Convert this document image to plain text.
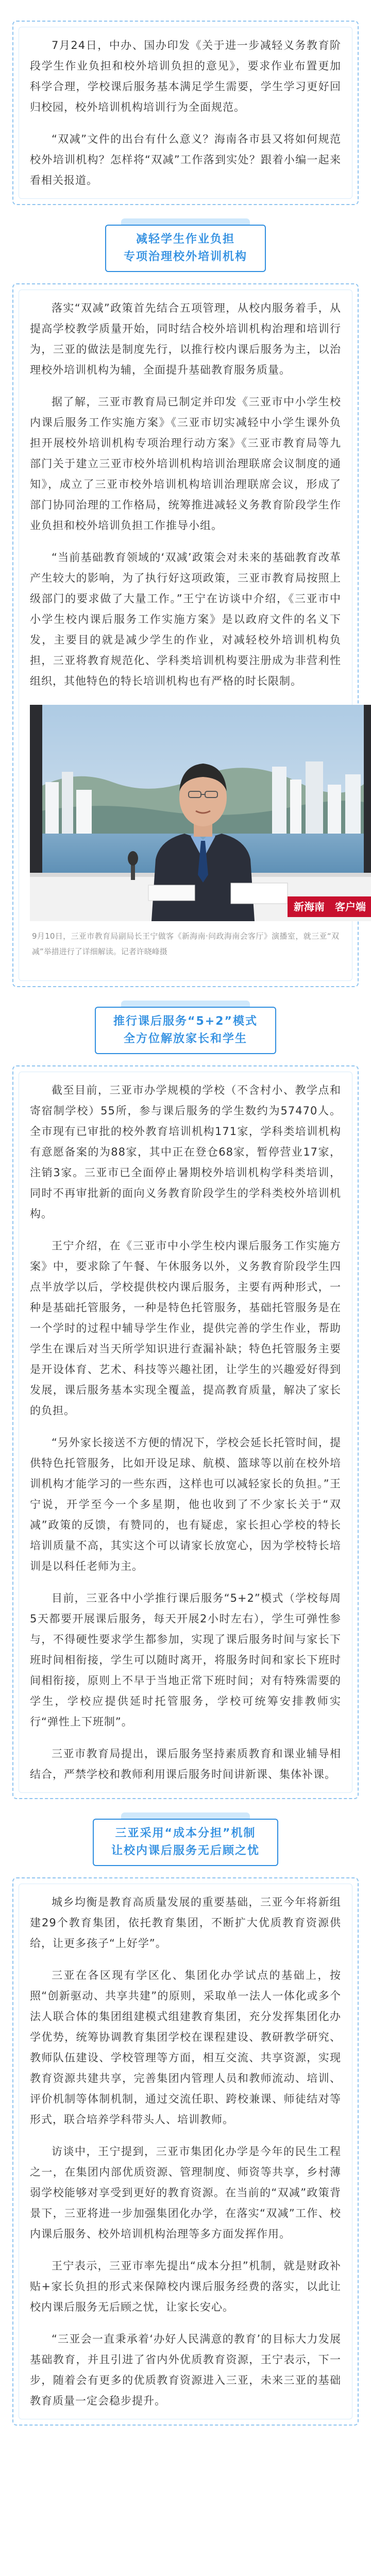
7月24日，中办、国办印发《关于进一步减轻义务教育阶段学生作业负担和校外培训负担的意见》，要求作业布置更加科学合理，学校课后服务基本满足学生需要，学生学习更好回归校园，校外培训机构培训行为全面规范。

“双减”文件的出台有什么意义？海南各市县又将如何规范校外培训机构？怎样将“双减”工作落到实处？跟着小编一起来看相关报道。

减轻学生作业负担
专项治理校外培训机构

落实“双减”政策首先结合五项管理，从校内服务着手，从提高学校教学质量开始，同时结合校外培训机构治理和培训行为，三亚的做法是制度先行，以推行校内课后服务为主，以治理校外培训机构为辅，全面提升基础教育服务质量。

据了解，三亚市教育局已制定并印发《三亚市中小学生校内课后服务工作实施方案》《三亚市切实减轻中小学生课外负担开展校外培训机构专项治理行动方案》《三亚市教育局等九部门关于建立三亚市校外培训机构培训治理联席会议制度的通知》，成立了三亚市校外培训机构培训治理联席会议，形成了部门协同治理的工作格局，统筹推进减轻义务教育阶段学生作业负担和校外培训负担工作推导小组。

“当前基础教育领域的‘双减’政策会对未来的基础教育改革产生较大的影响，为了执行好这项政策，三亚市教育局按照上级部门的要求做了大量工作。”王宁在访谈中介绍，《三亚市中小学生校内课后服务工作实施方案》是以政府文件的名义下发，主要目的就是减少学生的作业，对减轻校外培训机构负担，三亚将教育规范化、学科类培训机构要注册成为非营利性组织，其他特色的特长培训机构也有严格的时长限制。

新海南 客户端
9月10日，三亚市教育局副局长王宁做客《新海南·问政海南会客厅》演播室，就三亚“双减”举措进行了详细解读。记者许晓峰摄
推行课后服务“5+2”模式
全方位解放家长和学生

截至目前，三亚市办学规模的学校（不含村小、教学点和寄宿制学校）55所，参与课后服务的学生数约为57470人。全市现有已审批的校外教育培训机构171家，学科类培训机构有意愿备案的为88家，其中正在登仓68家，暂停营业17家，注销3家。三亚市已全面停止暑期校外培训机构学科类培训，同时不再审批新的面向义务教育阶段学生的学科类校外培训机构。

王宁介绍，在《三亚市中小学生校内课后服务工作实施方案》中，要求除了午餐、午休服务以外，义务教育阶段学生四点半放学以后，学校提供校内课后服务，主要有两种形式，一种是基础托管服务，一种是特色托管服务，基础托管服务是在一个学时的过程中辅导学生作业，提供完善的学生作业，帮助学生在课后对当天所学知识进行查漏补缺；特色托管服务主要是开设体育、艺术、科技等兴趣社团，让学生的兴趣爱好得到发展，课后服务基本实现全覆盖，提高教育质量，解决了家长的负担。

“另外家长接送不方便的情况下，学校会延长托管时间，提供特色托管服务，比如开设足球、航模、篮球等以前在校外培训机构才能学习的一些东西，这样也可以减轻家长的负担。”王宁说，开学至今一个多星期，他也收到了不少家长关于“双减”政策的反馈，有赞同的，也有疑虑，家长担心学校的特长培训质量不高，其实这个可以请家长放宽心，因为学校特长培训是以科任老师为主。

目前，三亚各中小学推行课后服务“5+2”模式（学校每周5天都要开展课后服务，每天开展2小时左右），学生可弹性参与，不得硬性要求学生都参加，实现了课后服务时间与家长下班时间相衔接，学生可以随时离开，将服务时间和家长下班时间相衔接，原则上不早于当地正常下班时间；对有特殊需要的学生，学校应提供延时托管服务，学校可统筹安排教师实行“弹性上下班制”。

三亚市教育局提出，课后服务坚持素质教育和课业辅导相结合，严禁学校和教师利用课后服务时间讲新课、集体补课。

三亚采用“成本分担”机制
让校内课后服务无后顾之忧

城乡均衡是教育高质量发展的重要基础，三亚今年将新组建29个教育集团，依托教育集团，不断扩大优质教育资源供给，让更多孩子“上好学”。

三亚在各区现有学区化、集团化办学试点的基础上，按照“创新驱动、共享共建”的原则，采取单一法人一体化或多个法人联合体的集团组建模式组建教育集团，充分发挥集团化办学优势，统筹协调教育集团学校在课程建设、教研教学研究、教师队伍建设、学校管理等方面，相互交流、共享资源，实现教育资源共建共享，完善集团内管理人员和教师流动、培训、评价机制等体制机制，通过交流任职、跨校兼课、师徒结对等形式，联合培养学科带头人、培训教师。

访谈中，王宁提到，三亚市集团化办学是今年的民生工程之一，在集团内部优质资源、管理制度、师资等共享，乡村薄弱学校能够对享受到更好的教育资源。在当前的“双减”政策背景下，三亚将进一步加强集团化办学，在落实“双减”工作、校内课后服务、校外培训机构治理等多方面发挥作用。

王宁表示，三亚市率先提出“成本分担”机制，就是财政补贴+家长负担的形式来保障校内课后服务经费的落实，以此让校内课后服务无后顾之忧，让家长安心。

“三亚会一直秉承着‘办好人民满意的教育’的目标大力发展基础教育，并且引进了省内外优质教育资源，王宁表示，下一步，随着会有更多的优质教育资源进入三亚，未来三亚的基础教育质量一定会稳步提升。
